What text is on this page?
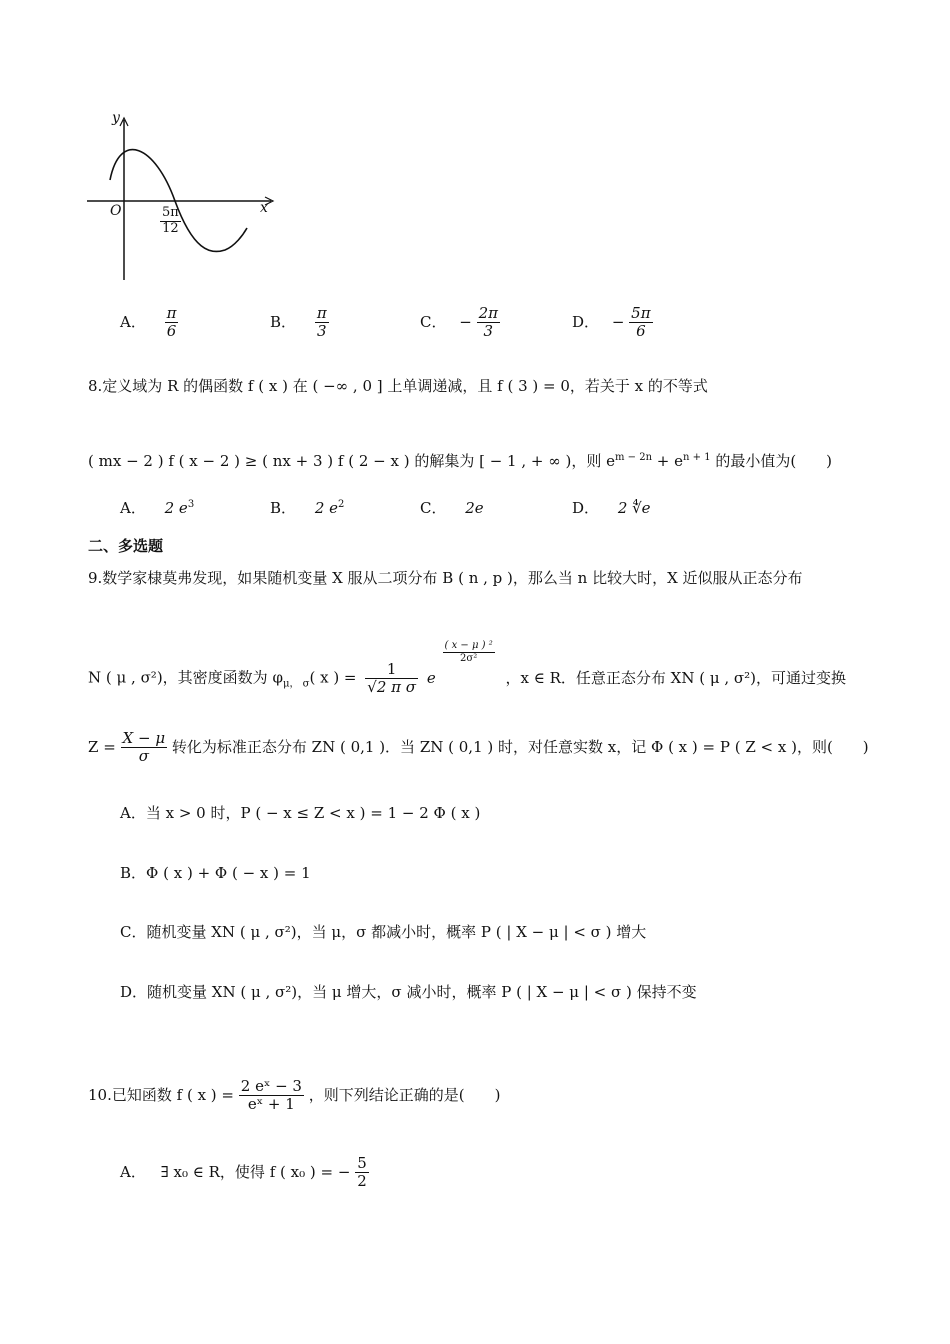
y
x
O	$\frac{5\pi}{12}$
A． $\frac{\pi}{6}$	B． $\frac{\pi}{3}$	C． − $\frac{2\pi}{3}$	D． − $\frac{5\pi}{6}$
8.定义域为 R 的偶函数 f ( x ) 在 ( −∞ , 0 ] 上单调递减，且 f ( 3 ) = 0，若关于 x 的不等式
( mx − 2 ) f ( x − 2 ) ≥ ( nx + 3 ) f ( 2 − x ) 的解集为 [ − 1 , + ∞ )，则 $e^{m - 2n} + e^{n + 1}$ 的最小值为(　　)
A． 2 $e^3$	B． 2 $e^2$	C． 2e	D． 2 ∜e
二、多选题
9.数学家棣莫弗发现，如果随机变量 X 服从二项分布 B ( n , p )，那么当 n 比较大时，X 近似服从正态分布
N ( μ , σ²)，其密度函数为 $\varphi_{\mu, \sigma}$( x ) = $\frac{1}{\text{√2 π σ}}$ e
$\frac{\text{( x − μ ) ²}}{\text{2σ²}}$
，x ∈ R．任意正态分布 XN ( μ , σ²)，可通过变换
$Z = \frac{X - \mu}{\sigma}$ 转化为标准正态分布 ZN ( 0,1 )．当 ZN ( 0,1 ) 时，对任意实数 x，记 Φ ( x ) = P ( Z < x )，则(　　)
A．当 x > 0 时，P ( − x ≤ Z < x ) = 1 − 2 Φ ( x )
B．Φ ( x ) + Φ ( − x ) = 1
C．随机变量 XN ( μ , σ²)，当 μ，σ 都减小时，概率 P ( | X − μ | < σ ) 增大
D．随机变量 XN ( μ , σ²)，当 μ 增大，σ 减小时，概率 P ( | X − μ | < σ ) 保持不变
10.已知函数 f ( x ) = $\frac{\text{2 eˣ − 3}}{\text{eˣ + 1}}$ ，则下列结论正确的是(　　)
A． ∃ x₀ ∈ R，使得 f ( x₀ ) = − $\frac{5}{2}$
